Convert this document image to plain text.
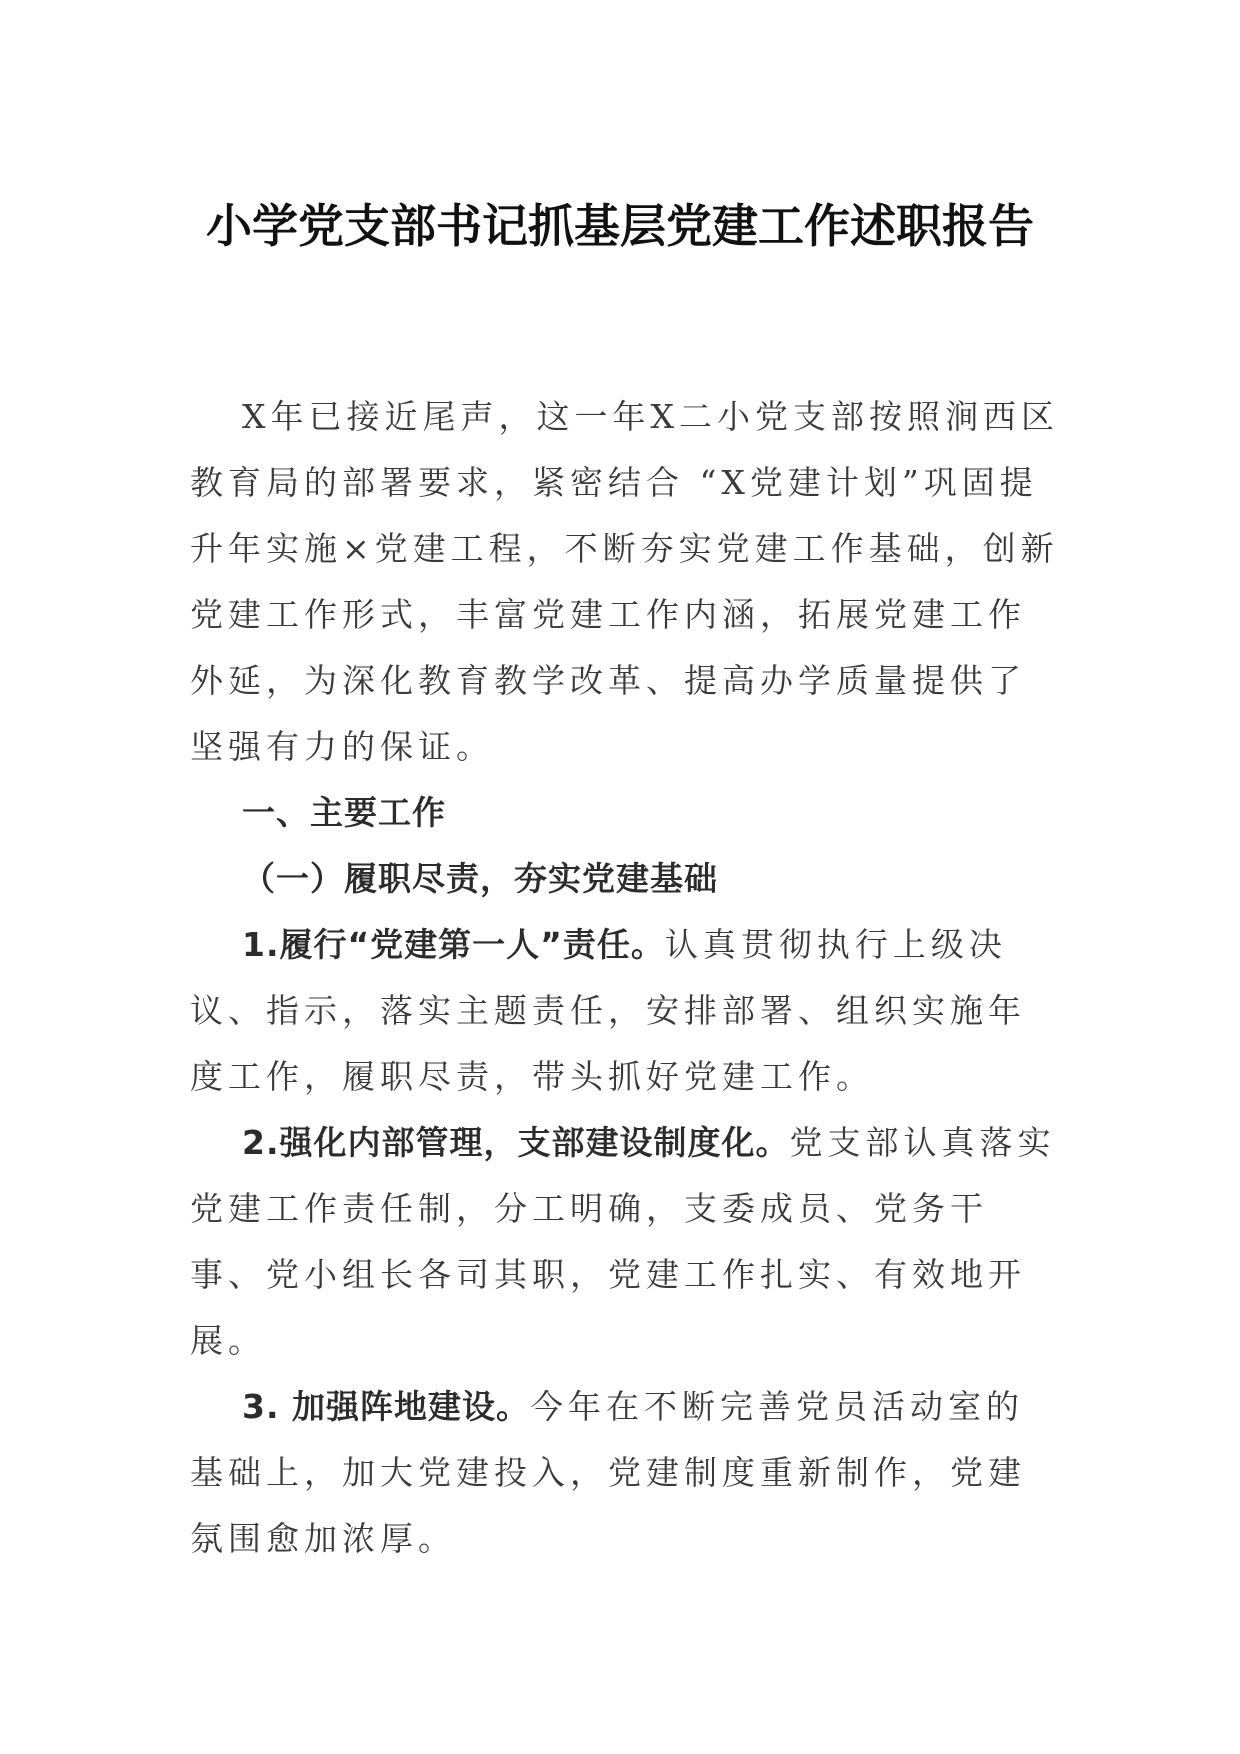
小学党支部书记抓基层党建工作述职报告

X年已接近尾声，这一年X二小党支部按照涧西区教育局的部署要求，紧密结合 “X党建计划”巩固提升年实施×党建工程，不断夯实党建工作基础，创新党建工作形式，丰富党建工作内涵，拓展党建工作外延，为深化教育教学改革、提高办学质量提供了坚强有力的保证。

一、主要工作

（一）履职尽责，夯实党建基础

1.履行“党建第一人”责任。认真贯彻执行上级决议、指示，落实主题责任，安排部署、组织实施年度工作，履职尽责，带头抓好党建工作。

2.强化内部管理，支部建设制度化。党支部认真落实党建工作责任制，分工明确，支委成员、党务干事、党小组长各司其职，党建工作扎实、有效地开展。

3. 加强阵地建设。今年在不断完善党员活动室的基础上，加大党建投入，党建制度重新制作，党建氛围愈加浓厚。
